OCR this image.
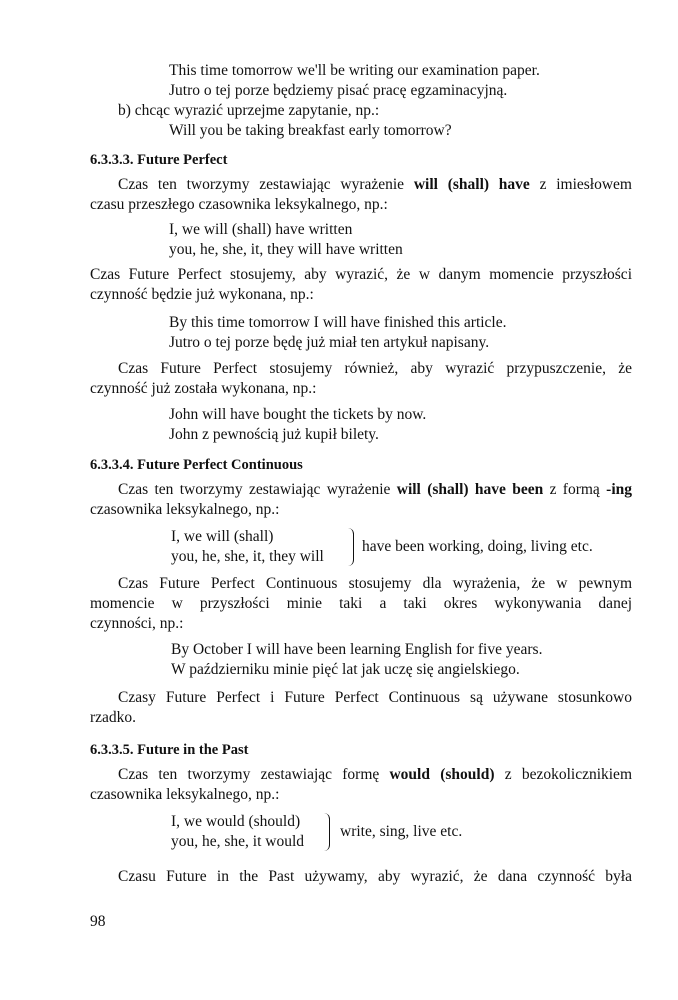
This time tomorrow we'll be writing our examination paper.
Jutro o tej porze będziemy pisać pracę egzaminacyjną.
b) chcąc wyrazić uprzejme zapytanie, np.:
Will you be taking breakfast early tomorrow?
6.3.3.3. Future Perfect
Czas ten tworzymy zestawiając wyrażenie will (shall) have z imiesłowem
czasu przeszłego czasownika leksykalnego, np.:
I, we will (shall) have written
you, he, she, it, they will have written
Czas Future Perfect stosujemy, aby wyrazić, że w danym momencie przyszłości
czynność będzie już wykonana, np.:
By this time tomorrow I will have finished this article.
Jutro o tej porze będę już miał ten artykuł napisany.
Czas Future Perfect stosujemy również, aby wyrazić przypuszczenie, że
czynność już została wykonana, np.:
John will have bought the tickets by now.
John z pewnością już kupił bilety.
6.3.3.4. Future Perfect Continuous
Czas ten tworzymy zestawiając wyrażenie will (shall) have been z formą -ing
czasownika leksykalnego, np.:
I, we will (shall)
you, he, she, it, they will
have been working, doing, living etc.
Czas Future Perfect Continuous stosujemy dla wyrażenia, że w pewnym
momencie w przyszłości minie taki a taki okres wykonywania danej
czynności, np.:
By October I will have been learning English for five years.
W październiku minie pięć lat jak uczę się angielskiego.
Czasy Future Perfect i Future Perfect Continuous są używane stosunkowo
rzadko.
6.3.3.5. Future in the Past
Czas ten tworzymy zestawiając formę would (should) z bezokolicznikiem
czasownika leksykalnego, np.:
I, we would (should)
you, he, she, it would
write, sing, live etc.
Czasu Future in the Past używamy, aby wyrazić, że dana czynność była
98
